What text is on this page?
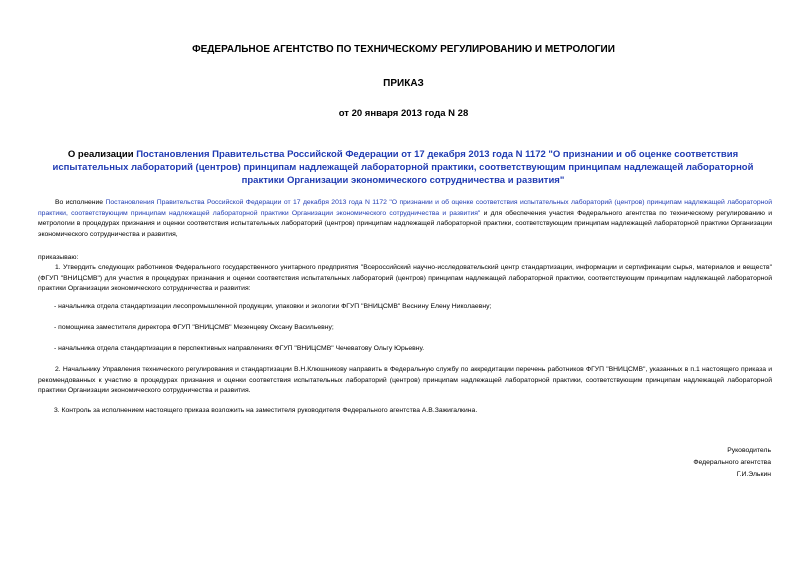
ФЕДЕРАЛЬНОЕ АГЕНТСТВО ПО ТЕХНИЧЕСКОМУ РЕГУЛИРОВАНИЮ И МЕТРОЛОГИИ
ПРИКАЗ
от 20 января 2013 года N 28
О реализации Постановления Правительства Российской Федерации от 17 декабря 2013 года N 1172 "О признании и об оценке соответствия испытательных лабораторий (центров) принципам надлежащей лабораторной практики, соответствующим принципам надлежащей лабораторной практики Организации экономического сотрудничества и развития"
Во исполнение Постановления Правительства Российской Федерации от 17 декабря 2013 года N 1172 "О признании и об оценке соответствия испытательных лабораторий (центров) принципам надлежащей лабораторной практики, соответствующим принципам надлежащей лабораторной практики Организации экономического сотрудничества и развития" и для обеспечения участия Федерального агентства по техническому регулированию и метрологии в процедурах признания и оценки соответствия испытательных лабораторий (центров) принципам надлежащей лабораторной практики, соответствующим принципам надлежащей лабораторной практики Организации экономического сотрудничества и развития,
приказываю:
1. Утвердить следующих работников Федерального государственного унитарного предприятия "Всероссийский научно-исследовательский центр стандартизации, информации и сертификации сырья, материалов и веществ" (ФГУП "ВНИЦСМВ") для участия в процедурах признания и оценки соответствия испытательных лабораторий (центров) принципам надлежащей лабораторной практики, соответствующим принципам надлежащей лабораторной практики Организации экономического сотрудничества и развития:
- начальника отдела стандартизации лесопромышленной продукции, упаковки и экологии ФГУП "ВНИЦСМВ" Веснину Елену Николаевну;
- помощника заместителя директора ФГУП "ВНИЦСМВ" Мезенцеву Оксану Васильевну;
- начальника отдела стандартизации в перспективных направлениях ФГУП "ВНИЦСМВ" Чечеватову Ольгу Юрьевну.
2. Начальнику Управления технического регулирования и стандартизации В.Н.Клюшникову направить в Федеральную службу по аккредитации перечень работников ФГУП "ВНИЦСМВ", указанных в п.1 настоящего приказа и рекомендованных к участию в процедурах признания и оценки соответствия испытательных лабораторий (центров) принципам надлежащей лабораторной практики, соответствующим принципам надлежащей лабораторной практики Организации экономического сотрудничества и развития.
3. Контроль за исполнением настоящего приказа возложить на заместителя руководителя Федерального агентства А.В.Зажигалкина.
Руководитель
Федерального агентства
Г.И.Элькин
